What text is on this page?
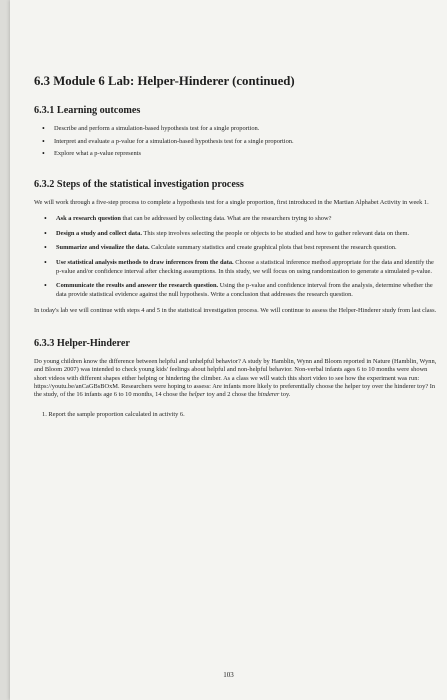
6.3 Module 6 Lab: Helper-Hinderer (continued)
6.3.1 Learning outcomes
• Describe and perform a simulation-based hypothesis test for a single proportion.
• Interpret and evaluate a p-value for a simulation-based hypothesis test for a single proportion.
• Explore what a p-value represents
6.3.2 Steps of the statistical investigation process

We will work through a five-step process to complete a hypothesis test for a single proportion, first introduced in the Martian Alphabet Activity in week 1.

• Ask a research question that can be addressed by collecting data. What are the researchers trying to show?
• Design a study and collect data. This step involves selecting the people or objects to be studied and how to gather relevant data on them.
• Summarize and visualize the data. Calculate summary statistics and create graphical plots that best represent the research question.
• Use statistical analysis methods to draw inferences from the data. Choose a statistical inference method appropriate for the data and identify the p-value and/or confidence interval after checking assumptions. In this study, we will focus on using randomization to generate a simulated p-value.
• Communicate the results and answer the research question. Using the p-value and confidence interval from the analysis, determine whether the data provide statistical evidence against the null hypothesis. Write a conclusion that addresses the research question.

In today's lab we will continue with steps 4 and 5 in the statistical investigation process. We will continue to assess the Helper-Hinderer study from last class.

6.3.3 Helper-Hinderer

Do young children know the difference between helpful and unhelpful behavior? A study by Hamblin, Wynn and Bloom reported in Nature (Hamblin, Wynn, and Bloom 2007) was intended to check young kids' feelings about helpful and non-helpful behavior. Non-verbal infants ages 6 to 10 months were shown short videos with different shapes either helping or hindering the climber. As a class we will watch this short video to see how the experiment was run: https://youtu.be/anCaGBsBOxM. Researchers were hoping to assess: Are infants more likely to preferentially choose the helper toy over the hinderer toy? In the study, of the 16 infants age 6 to 10 months, 14 chose the helper toy and 2 chose the hinderer toy.

1. Report the sample proportion calculated in activity 6.

103
